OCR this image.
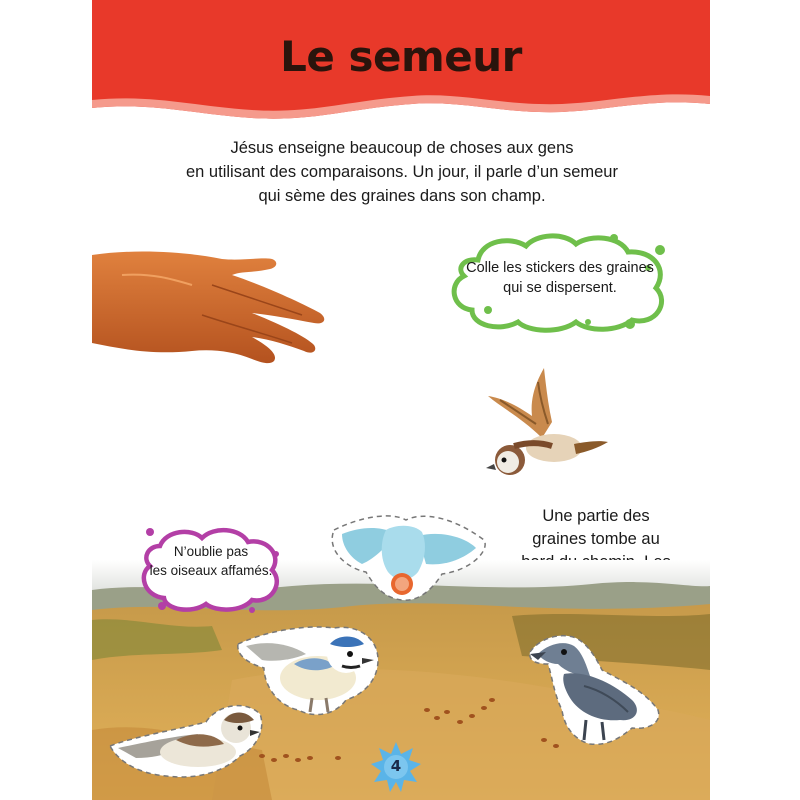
Le semeur
Jésus enseigne beaucoup de choses aux gens
en utilisant des comparaisons. Un jour, il parle d’un semeur
qui sème des graines dans son champ.
Colle les stickers des graines
qui se dispersent.
Une partie des
graines tombe au
N’oublie pas
les oiseaux affamés.
4
